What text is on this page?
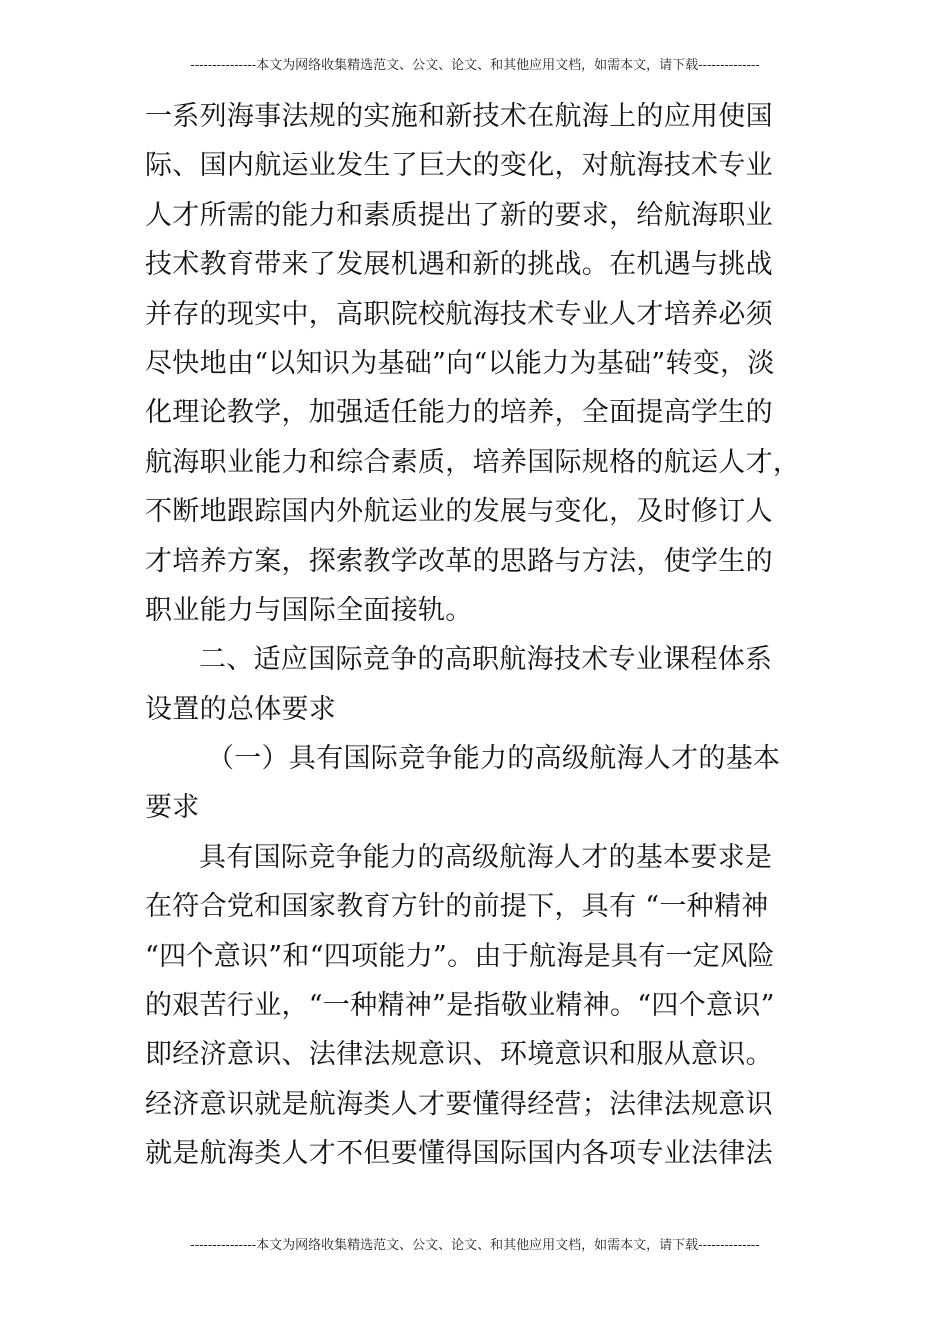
---------------本文为网络收集精选范文、公文、论文、和其他应用文档，如需本文，请下载--------------
一系列海事法规的实施和新技术在航海上的应用使国
际、国内航运业发生了巨大的变化，对航海技术专业
人才所需的能力和素质提出了新的要求，给航海职业
技术教育带来了发展机遇和新的挑战。在机遇与挑战
并存的现实中，高职院校航海技术专业人才培养必须
尽快地由“以知识为基础”向“以能力为基础”转变，淡
化理论教学，加强适任能力的培养，全面提高学生的
航海职业能力和综合素质，培养国际规格的航运人才，
不断地跟踪国内外航运业的发展与变化，及时修订人
才培养方案，探索教学改革的思路与方法，使学生的
职业能力与国际全面接轨。
二、适应国际竞争的高职航海技术专业课程体系
设置的总体要求
（一）具有国际竞争能力的高级航海人才的基本
要求
具有国际竞争能力的高级航海人才的基本要求是
在符合党和国家教育方针的前提下，具有 “一种精神
“四个意识”和“四项能力”。由于航海是具有一定风险
的艰苦行业，“一种精神”是指敬业精神。“四个意识”
即经济意识、法律法规意识、环境意识和服从意识。
经济意识就是航海类人才要懂得经营；法律法规意识
就是航海类人才不但要懂得国际国内各项专业法律法
---------------本文为网络收集精选范文、公文、论文、和其他应用文档，如需本文，请下载--------------
